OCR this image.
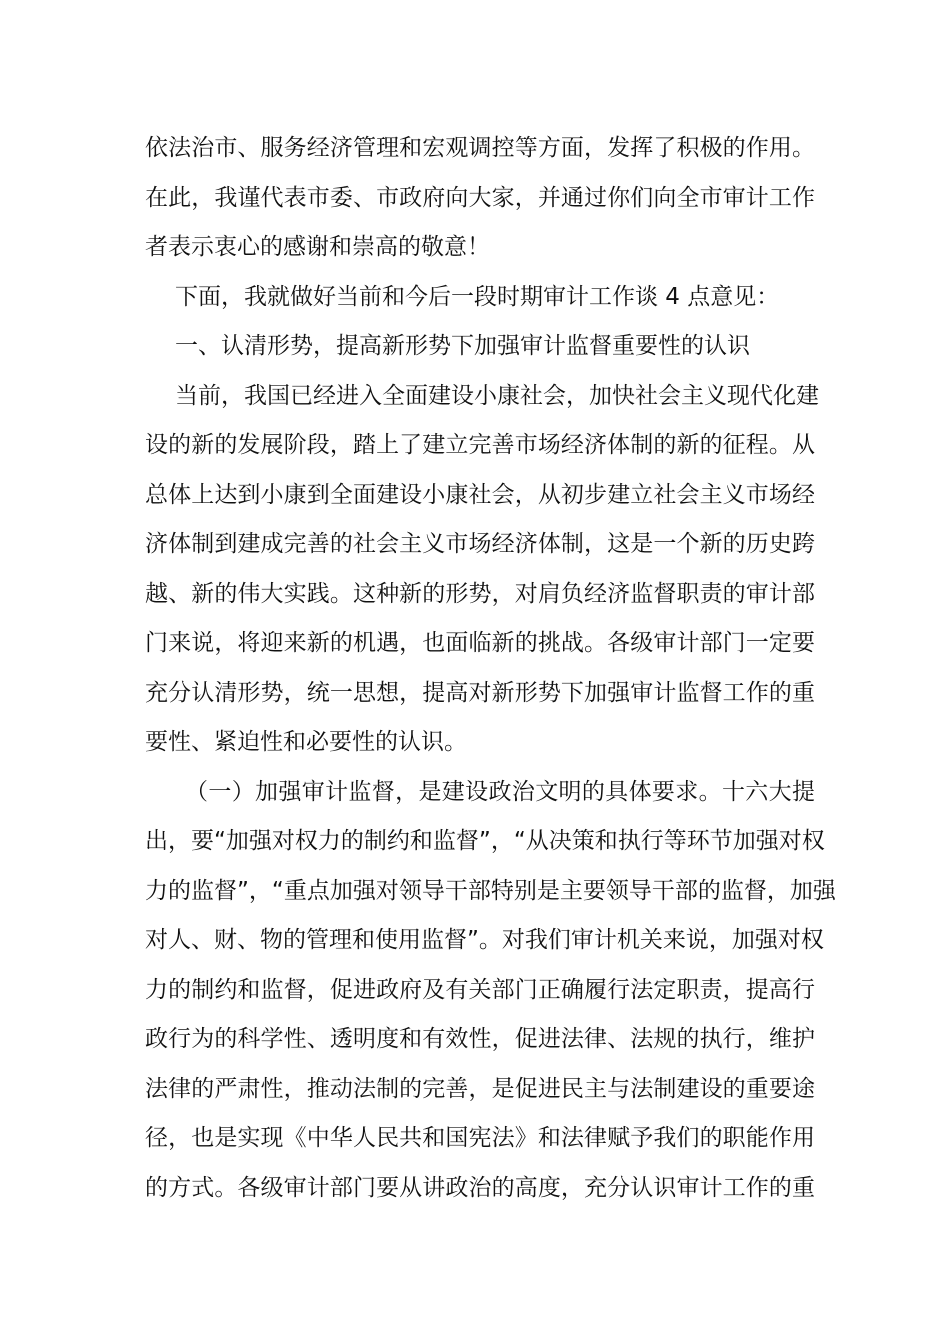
依法治市、服务经济管理和宏观调控等方面，发挥了积极的作用。
在此，我谨代表市委、市政府向大家，并通过你们向全市审计工作
者表示衷心的感谢和崇高的敬意！
下面，我就做好当前和今后一段时期审计工作谈 4 点意见：
一、认清形势，提高新形势下加强审计监督重要性的认识
当前，我国已经进入全面建设小康社会，加快社会主义现代化建
设的新的发展阶段，踏上了建立完善市场经济体制的新的征程。从
总体上达到小康到全面建设小康社会，从初步建立社会主义市场经
济体制到建成完善的社会主义市场经济体制，这是一个新的历史跨
越、新的伟大实践。这种新的形势，对肩负经济监督职责的审计部
门来说，将迎来新的机遇，也面临新的挑战。各级审计部门一定要
充分认清形势，统一思想，提高对新形势下加强审计监督工作的重
要性、紧迫性和必要性的认识。
（一）加强审计监督，是建设政治文明的具体要求。十六大提
出，要“加强对权力的制约和监督”，“从决策和执行等环节加强对权
力的监督”，“重点加强对领导干部特别是主要领导干部的监督，加强
对人、财、物的管理和使用监督”。对我们审计机关来说，加强对权
力的制约和监督，促进政府及有关部门正确履行法定职责，提高行
政行为的科学性、透明度和有效性，促进法律、法规的执行，维护
法律的严肃性，推动法制的完善，是促进民主与法制建设的重要途
径，也是实现《中华人民共和国宪法》和法律赋予我们的职能作用
的方式。各级审计部门要从讲政治的高度，充分认识审计工作的重
